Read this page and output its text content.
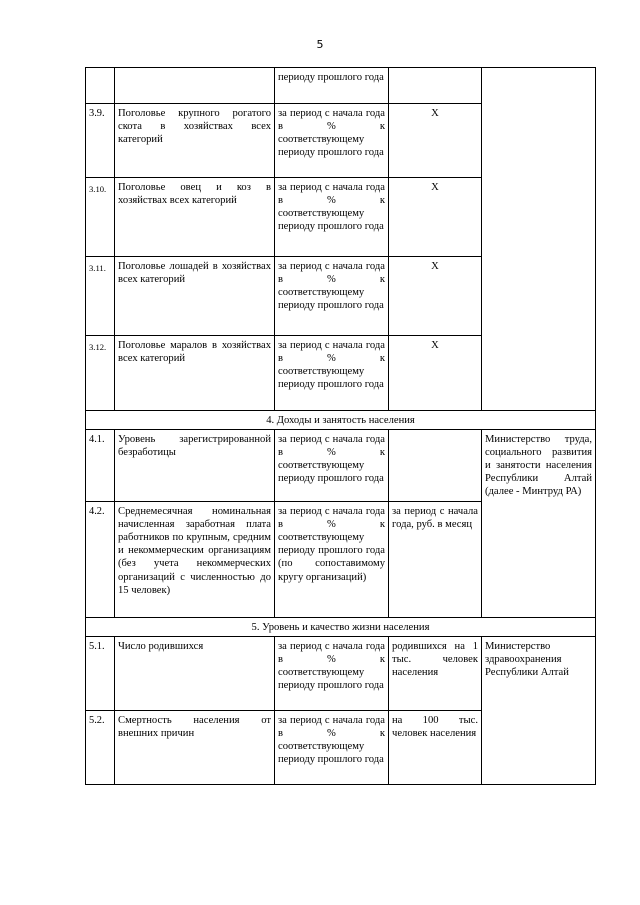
5
		периоду прошлого года		
3.9.	Поголовье крупного рогатого скота в хозяйствах всех категорий	за период с начала года в % к соответствующему периоду прошлого года	X	
3.10.	Поголовье овец и коз в хозяйствах всех категорий	за период с начала года в % к соответствующему периоду прошлого года	X	
3.11.	Поголовье лошадей в хозяйствах всех категорий	за период с начала года в % к соответствующему периоду прошлого года	X	
3.12.	Поголовье маралов в хозяйствах всех категорий	за период с начала года в % к соответствующему периоду прошлого года	X	
4. Доходы и занятость населения				
4.1.	Уровень зарегистрированной безработицы	за период с начала года в % к соответствующему периоду прошлого года		Министерство труда, социального развития и занятости населения Республики Алтай (далее - Минтруд РА)
4.2.	Среднемесячная номинальная начисленная заработная плата работников по крупным, средним и некоммерческим организациям (без учета некоммерческих организаций с численностью до 15 человек)	за период с начала года в % к соответствующему периоду прошлого года (по сопоставимому кругу организаций)	за период с начала года, руб. в месяц	
5. Уровень и качество жизни населения				
5.1.	Число родившихся	за период с начала года в % к соответствующему периоду прошлого года	родившихся на 1 тыс. человек населения	Министерство здравоохранения Республики Алтай
5.2.	Смертность населения от внешних причин	за период с начала года в % к соответствующему периоду прошлого года	на 100 тыс. человек населения	
